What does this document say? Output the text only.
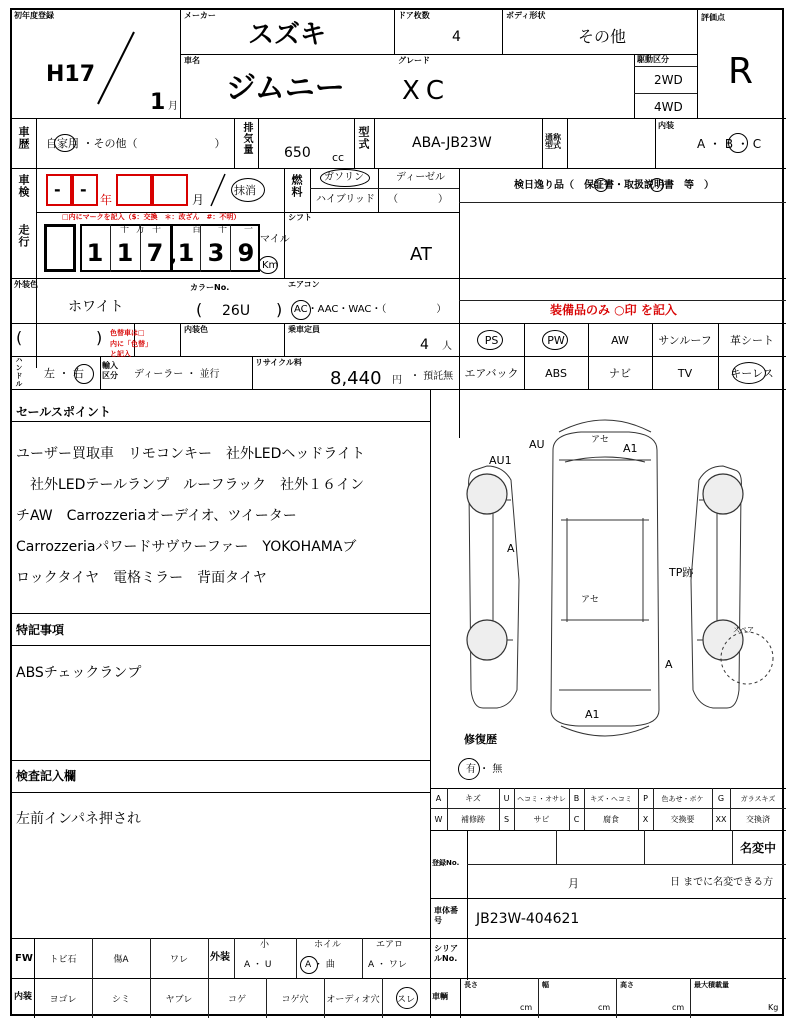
初年度登録
H17
1 月
メーカー
スズキ
ドア枚数
4
ボディ形状
その他
評価点
R
車名
ジムニー
グレード
XC
駆動区分
2WD
4WD
車歴 自家用 ・その他（　　　　　　　） 排気量 650 cc
型式	ABA-JB23W	通称型式
内装
A ・ B ・ C
車検 - -
年	月
抹消	燃料 ガソリン	ディーゼル
ハイブリッド （　　　　）
検日逸り品（　保証書・取扱説明書　等　）
走行
□内にマークを記入（$：交換　＊：改ざん　#：不明）
十 万 千	百 十 一
1 1 7 , 1 3 9 マイル
Km
シフト
AT
外装色
ホワイト
カラーNo.
( 26U )
エアコン
AC・AAC・WAC・（　　　　　）	装備品のみ ○印 を記入
(	) 色替車は□内に「色替」と記入
内装色	乗車定員
4 人	PS	PW	AW	サンルーフ	革シート
ハンドル 左 ・ 右
輸入区分	ディーラー ・ 並行
リサイクル料
8,440 円 ・ 預託無	エアバック	ABS	ナビ	TV	キーレス
セールスポイント
ユーザー買取車　リモコンキー　社外LEDヘッドライト
　社外LEDテールランプ　ルーフラック　社外１６イン
チAW　Carrozzeriaオーデイオ、ツイーター
Carrozzeriaパワードサヴウーファー　YOKOHAMAブ
ロックタイヤ　電格ミラー　背面タイヤ
特記事項
ABSチェックランプ
検査記入欄
左前インパネ押され
AU	A1
AU1
アセ
A
TP跡
アセ
A
A1
スペア
修復歴
有 ・ 無
A	キズ	U	ヘコミ・オサレ B	キズ・ヘコミ	P	色あせ・ボケ	G	ガラスキズ
W	補修跡	S	サビ	C	腐食	X	交換要	XX	交換済
登録No.
名変中
月	日 までに名変できる方
車体番号	JB23W-404621
FW	トビ石	傷A	ワレ	外装
小
A ・ U
ホイル
A ・ 曲
エアロ
A ・ ワレ
シリアルNo.
内装	ヨゴレ	シミ	ヤブレ	コゲ	コゲ穴	オーディオ穴	スレ	車輌
長さ	幅	高さ	最大積載量
cm	cm	cm	Kg
